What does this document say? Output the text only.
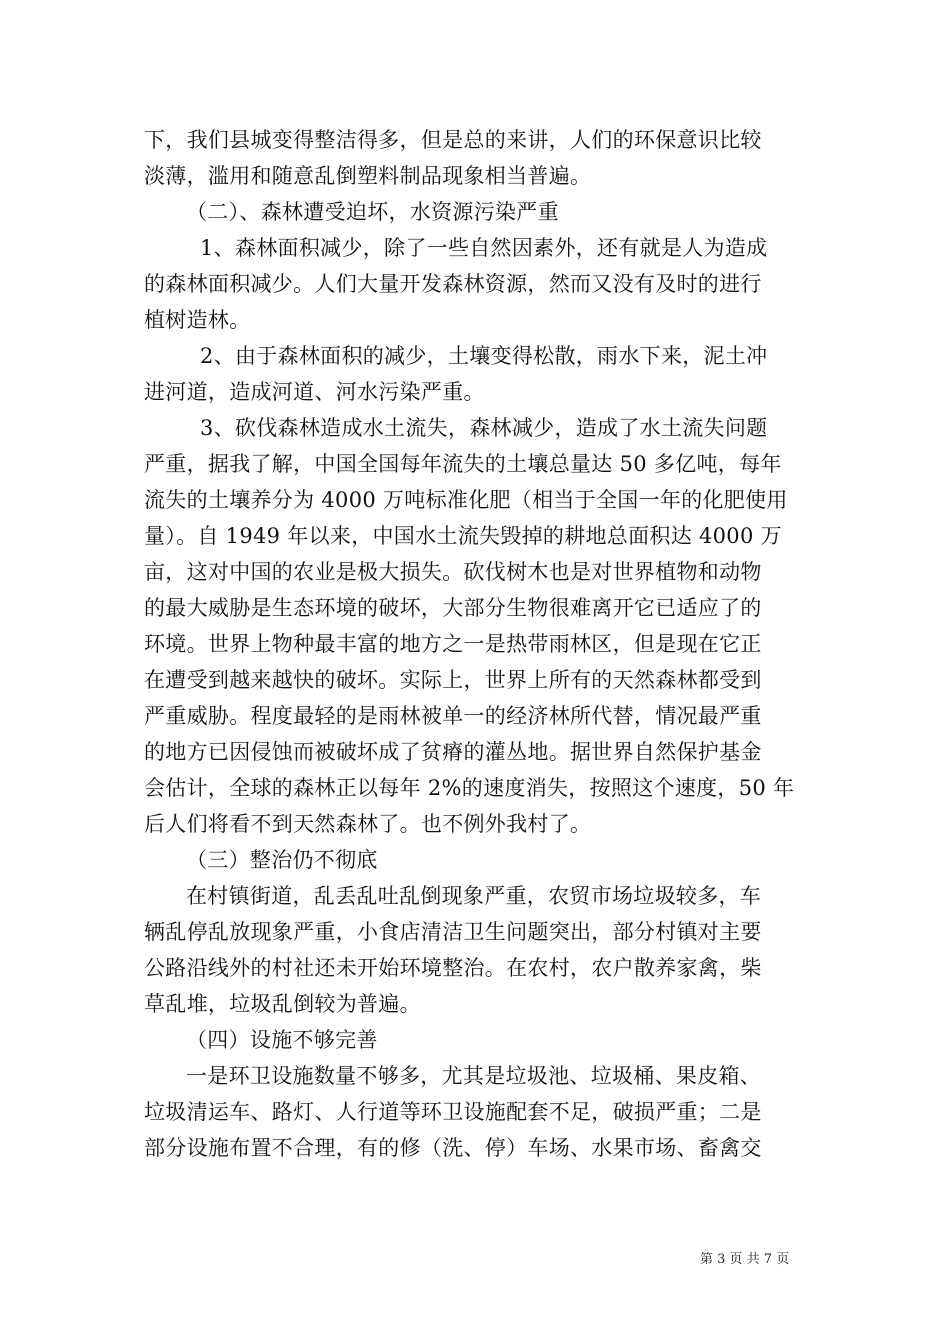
下，我们县城变得整洁得多，但是总的来讲，人们的环保意识比较
淡薄，滥用和随意乱倒塑料制品现象相当普遍。
（二）、森林遭受迫坏，水资源污染严重
1、森林面积减少，除了一些自然因素外，还有就是人为造成
的森林面积减少。人们大量开发森林资源，然而又没有及时的进行
植树造林。
2、由于森林面积的减少，土壤变得松散，雨水下来，泥土冲
进河道，造成河道、河水污染严重。
3、砍伐森林造成水土流失，森林减少，造成了水土流失问题
严重，据我了解，中国全国每年流失的土壤总量达 50 多亿吨，每年
流失的土壤养分为 4000 万吨标准化肥（相当于全国一年的化肥使用
量）。自 1949 年以来，中国水土流失毁掉的耕地总面积达 4000 万
亩，这对中国的农业是极大损失。砍伐树木也是对世界植物和动物
的最大威胁是生态环境的破坏，大部分生物很难离开它已适应了的
环境。世界上物种最丰富的地方之一是热带雨林区，但是现在它正
在遭受到越来越快的破坏。实际上，世界上所有的天然森林都受到
严重威胁。程度最轻的是雨林被单一的经济林所代替，情况最严重
的地方已因侵蚀而被破坏成了贫瘠的灌丛地。据世界自然保护基金
会估计，全球的森林正以每年 2%的速度消失，按照这个速度，50 年
后人们将看不到天然森林了。也不例外我村了。
（三）整治仍不彻底
在村镇街道，乱丢乱吐乱倒现象严重，农贸市场垃圾较多，车
辆乱停乱放现象严重，小食店清洁卫生问题突出，部分村镇对主要
公路沿线外的村社还未开始环境整治。在农村，农户散养家禽，柴
草乱堆，垃圾乱倒较为普遍。
（四）设施不够完善
一是环卫设施数量不够多，尤其是垃圾池、垃圾桶、果皮箱、
垃圾清运车、路灯、人行道等环卫设施配套不足，破损严重；二是
部分设施布置不合理，有的修（洗、停）车场、水果市场、畜禽交
第 3 页 共 7 页
